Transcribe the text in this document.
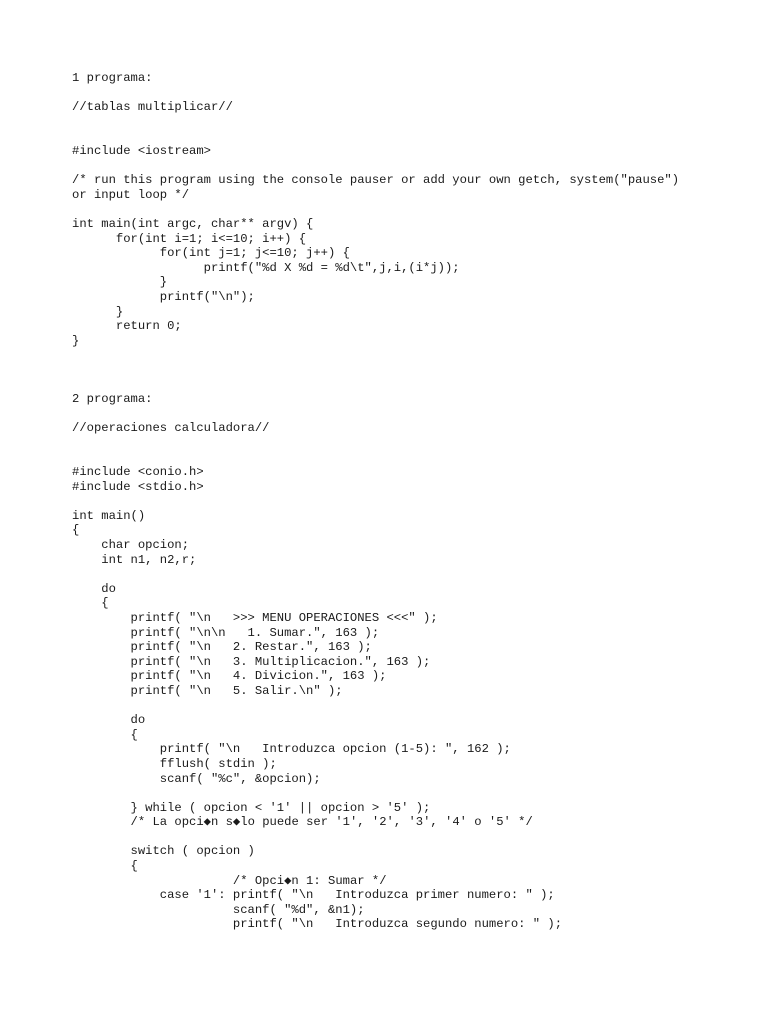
1 programa:
//tablas multiplicar//
#include <iostream>
/* run this program using the console pauser or add your own getch, system("pause")
or input loop */
int main(int argc, char** argv) {
for(int i=1; i<=10; i++) {
for(int j=1; j<=10; j++) {
printf("%d X %d = %d\t",j,i,(i*j));
}
printf("\n");
}
return 0;
}
2 programa:
//operaciones calculadora//
#include <conio.h>
#include <stdio.h>
int main()
{
char opcion;
int n1, n2,r;
do
{
printf( "\n   >>> MENU OPERACIONES <<<" );
printf( "\n\n   1. Sumar.", 163 );
printf( "\n   2. Restar.", 163 );
printf( "\n   3. Multiplicacion.", 163 );
printf( "\n   4. Divicion.", 163 );
printf( "\n   5. Salir.\n" );
do
{
printf( "\n   Introduzca opcion (1-5): ", 162 );
fflush( stdin );
scanf( "%c", &opcion);
} while ( opcion < '1' || opcion > '5' );
/* La opci◆n s◆lo puede ser '1', '2', '3', '4' o '5' */
switch ( opcion )
{
/* Opci◆n 1: Sumar */
case '1': printf( "\n   Introduzca primer numero: " );
scanf( "%d", &n1);
printf( "\n   Introduzca segundo numero: " );
